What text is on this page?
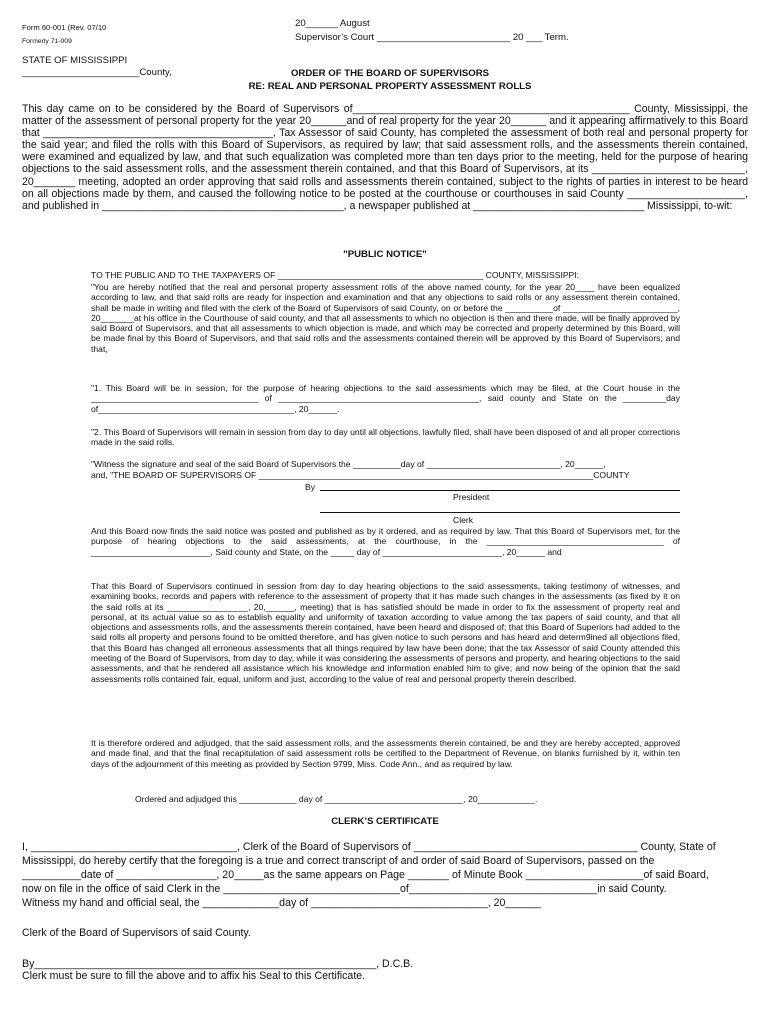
Form 60-001 (Rev. 07/10
Formerly 71-009
20______ August
Supervisor’s Court _________________________ 20 ___ Term.
STATE OF MISSISSIPPI
______________________County,	ORDER OF THE BOARD OF SUPERVISORS
RE: REAL AND PERSONAL PROPERTY ASSESSMENT ROLLS

This day came on to be considered by the Board of Supervisors of_______________________________________________ County, Mississippi, the matter of the assessment of personal property for the year 20______and of real property for the year 20______ and it appearing affirmatively to this Board that _______________________________________, Tax Assessor of said County, has completed the assessment of both real and personal property for the said year; and filed the rolls with this Board of Supervisors, as required by law; that said assessment rolls, and the assessments therein contained, were examined and equalized by law, and that such equalization was completed more than ten days prior to the meeting, held for the purpose of hearing objections to the said assessment rolls, and the assessment therein contained, and that this Board of Supervisors, at its __________________________, 20_______ meeting, adopted an order approving that said rolls and assessments therein contained, subject to the rights of parties in interest to be heard on all objections made by them, and caused the following notice to be posted at the courthouse or courthouses in said County ____________________, and published in _________________________________________, a newspaper published at _____________________________ Mississippi, to-wit:

"PUBLIC NOTICE"
TO THE PUBLIC AND TO THE TAXPAYERS OF ___________________________________________ COUNTY, MISSISSIPPI:

"You are hereby notified that the real and personal property assessment rolls of the above named county, for the year 20____ have been equalized according to law, and that said rolls are ready for inspection and examination and that any objections to said rolls or any assessment therein contained, shall be made in writing and filed with the clerk of the Board of Supervisors of said County, on or before the __________of ________________________, 20_______at his office in the Courthouse of said county, and that all assessments to which no objection is then and there made, will be finally approved by said Board of Supervisors, and that all assessments to which objection is made, and which may be corrected and properly determined by this Board, will be made final by this Board of Supervisors, and that said rolls and the assessments contained therein will be approved by this Board of Supervisors; and that,

"1. This Board will be in session, for the purpose of hearing objections to the said assessments which may be filed, at the Court house in the ___________________________________ of __________________________________________, said county and State on the _________day of_________________________________________, 20______.

"2. This Board of Supervisors will remain in session from day to day until all objections, lawfully filed, shall have been disposed of and all proper corrections made in the said rolls.

"Witness the signature and seal of the said Board of Supervisors the __________day of ____________________________, 20______,
and, "THE BOARD OF SUPERVISORS OF ______________________________________________________________________COUNTY
By
President
Clerk

And this Board now finds the said notice was posted and published as by it ordered, and as required by law. That this Board of Supervisors met, for the purpose of hearing objections to the said assessments, at the courthouse, in the _____________________________________ of _________________________, Said county and State, on the _____ day of _________________________, 20______ and

That this Board of Supervisors continued in session from day to day hearing objections to the said assessments, taking testimony of witnesses, and examining books, records and papers with reference to the assessment of property that it has made such changes in the assessments (as fixed by it on the said rolls at its _________________, 20,______, meeting) that is has satisfied should be made in order to fix the assessment of property real and personal, at its actual value so as to establish equality and uniformity of taxation according to value among the tax papers of said county, and that all objections and assessments rolls, and the assessments therein contained, have been heard and disposed of; that this Board of Superiors had added to the said rolls all property and persons found to be omitted therefore, and has given notice to such persons and has heard and determ9ined all objections filed, that this Board has changed all erroneous assessments that all things required by law have been done; that the tax Assessor of said County attended this meeting of the Board of Supervisors, from day to day, while it was considering the assessments of persons and property, and hearing objections to the said assessments, and that he rendered all assistance which his knowledge and information enabled him to give; and now being of the opinion that the said assessments rolls contained fair, equal, uniform and just, according to the value of real and personal property therein described.

It is therefore ordered and adjudged, that the said assessment rolls, and the assessments therein contained, be and they are hereby accepted, approved and made final, and that the final recapitulation of said assessment rolls be certified to the Department of Revenue, on blanks furnished by it, within ten days of the adjournment of this meeting as provided by Section 9799, Miss. Code Ann., and as required by law.

Ordered and adjudged this ____________ day of _____________________________, 20____________.
CLERK’S CERTIFICATE
I, ___________________________________, Clerk of the Board of Supervisors of ______________________________________ County, State of
Mississippi, do hereby certify that the foregoing is a true and correct transcript of and order of said Board of Supervisors, passed on the
__________date of _________________, 20_____as the same appears on Page _______ of Minute Book ____________________of said Board,
now on file in the office of said Clerk in the ______________________________of________________________________in said County.
Witness my hand and official seal, the _____________day of ______________________________, 20______
Clerk of the Board of Supervisors of said County.
By__________________________________________________________, D.C.B.
Clerk must be sure to fill the above and to affix his Seal to this Certificate.
